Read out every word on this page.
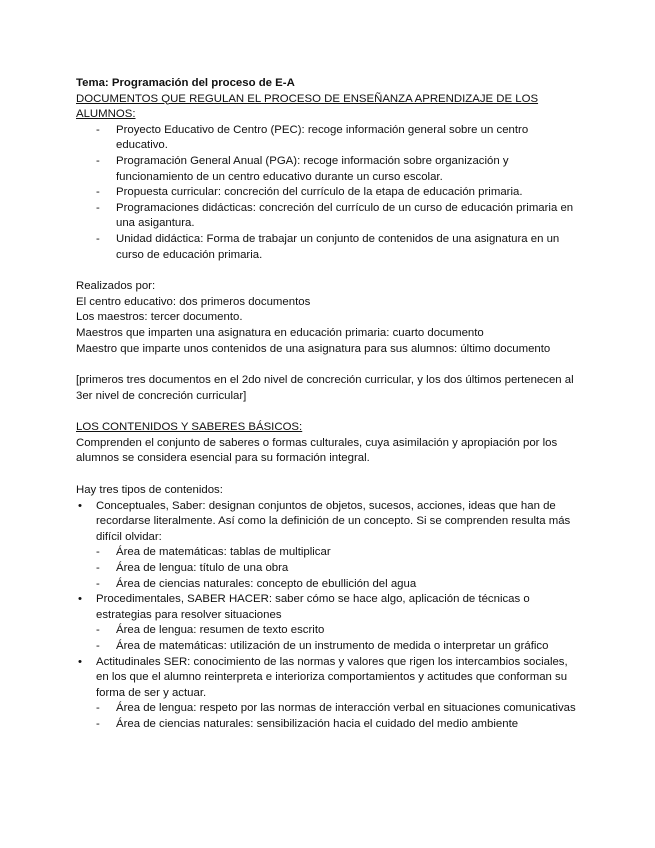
Tema: Programación del proceso de E-A

DOCUMENTOS QUE REGULAN EL PROCESO DE ENSEÑANZA APRENDIZAJE DE LOS ALUMNOS:

- Proyecto Educativo de Centro (PEC): recoge información general sobre un centro educativo.
- Programación General Anual (PGA): recoge información sobre organización y funcionamiento de un centro educativo durante un curso escolar.
- Propuesta curricular: concreción del currículo de la etapa de educación primaria.
- Programaciones didácticas: concreción del currículo de un curso de educación primaria en una asigantura.
- Unidad didáctica: Forma de trabajar un conjunto de contenidos de una asignatura en un curso de educación primaria.

Realizados por:

El centro educativo: dos primeros documentos

Los maestros: tercer documento.

Maestros que imparten una asignatura en educación primaria: cuarto documento

Maestro que imparte unos contenidos de una asignatura para sus alumnos: último documento

[primeros tres documentos en el 2do nivel de concreción curricular, y los dos últimos pertenecen al 3er nivel de concreción curricular]

LOS CONTENIDOS Y SABERES BÁSICOS:

Comprenden el conjunto de saberes o formas culturales, cuya asimilación y apropiación por los alumnos se considera esencial para su formación integral.

Hay tres tipos de contenidos:

• Conceptuales, Saber: designan conjuntos de objetos, sucesos, acciones, ideas que han de recordarse literalmente. Así como la definición de un concepto. Si se comprenden resulta más difícil olvidar:
- Área de matemáticas: tablas de multiplicar
- Área de lengua: título de una obra
- Área de ciencias naturales: concepto de ebullición del agua
• Procedimentales, SABER HACER: saber cómo se hace algo, aplicación de técnicas o estrategias para resolver situaciones
- Área de lengua: resumen de texto escrito
- Área de matemáticas: utilización de un instrumento de medida o interpretar un gráfico
• Actitudinales SER: conocimiento de las normas y valores que rigen los intercambios sociales, en los que el alumno reinterpreta e interioriza comportamientos y actitudes que conforman su forma de ser y actuar.
- Área de lengua: respeto por las normas de interacción verbal en situaciones comunicativas
- Área de ciencias naturales: sensibilización hacia el cuidado del medio ambiente
